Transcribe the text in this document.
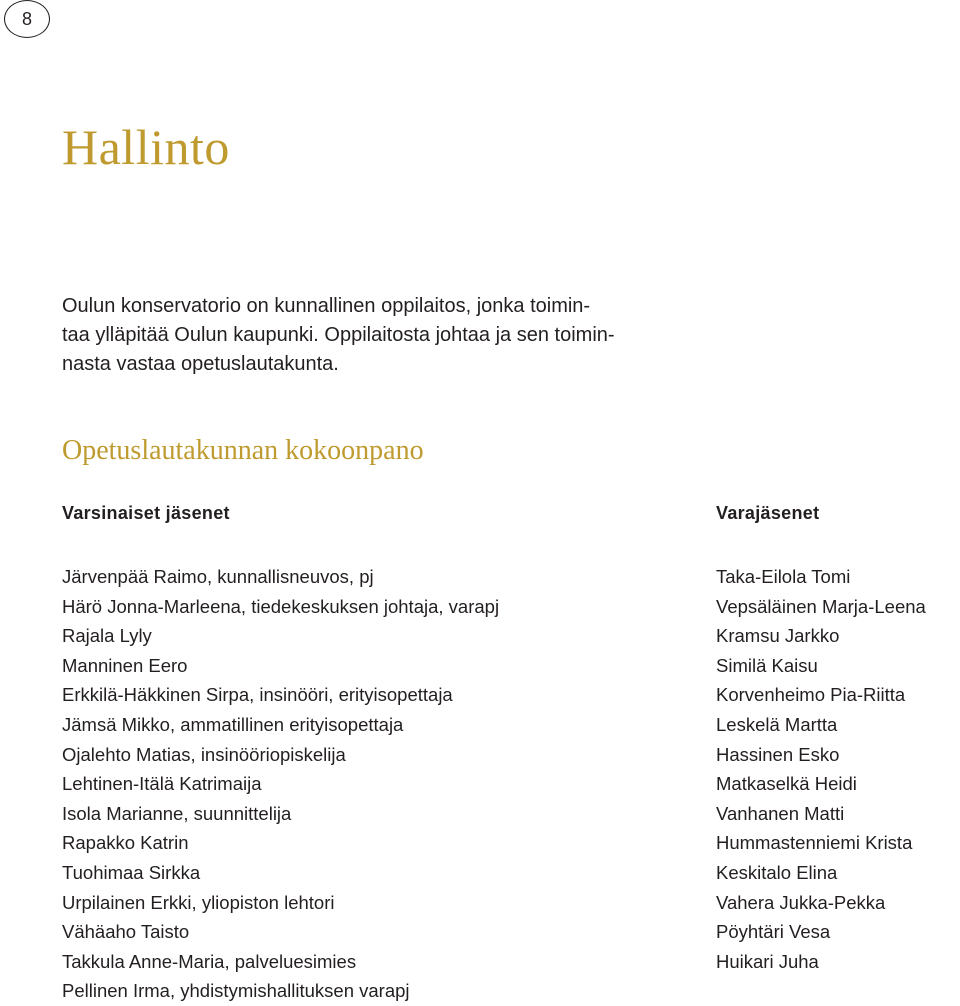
8
Hallinto

Oulun konservatorio on kunnallinen oppilaitos, jonka toimin-
taa ylläpitää Oulun kaupunki. Oppilaitosta johtaa ja sen toimin-
nasta vastaa opetuslautakunta.

Opetuslautakunnan kokoonpano
Varsinaiset jäsenet	Varajäsenet
Järvenpää Raimo, kunnallisneuvos, pj
Härö Jonna-Marleena, tiedekeskuksen johtaja, varapj
Rajala Lyly
Manninen Eero
Erkkilä-Häkkinen Sirpa, insinööri, erityisopettaja
Jämsä Mikko, ammatillinen erityisopettaja
Ojalehto Matias, insinööriopiskelija
Lehtinen-Itälä Katrimaija
Isola Marianne, suunnittelija
Rapakko Katrin
Tuohimaa Sirkka
Urpilainen Erkki, yliopiston lehtori
Vähäaho Taisto
Takkula Anne-Maria, palveluesimies
Pellinen Irma, yhdistymishallituksen varapj
Taka-Eilola Tomi
Vepsäläinen Marja-Leena
Kramsu Jarkko
Similä Kaisu
Korvenheimo Pia-Riitta
Leskelä Martta
Hassinen Esko
Matkaselkä Heidi
Vanhanen Matti
Hummastenniemi Krista
Keskitalo Elina
Vahera Jukka-Pekka
Pöyhtäri Vesa
Huikari Juha
